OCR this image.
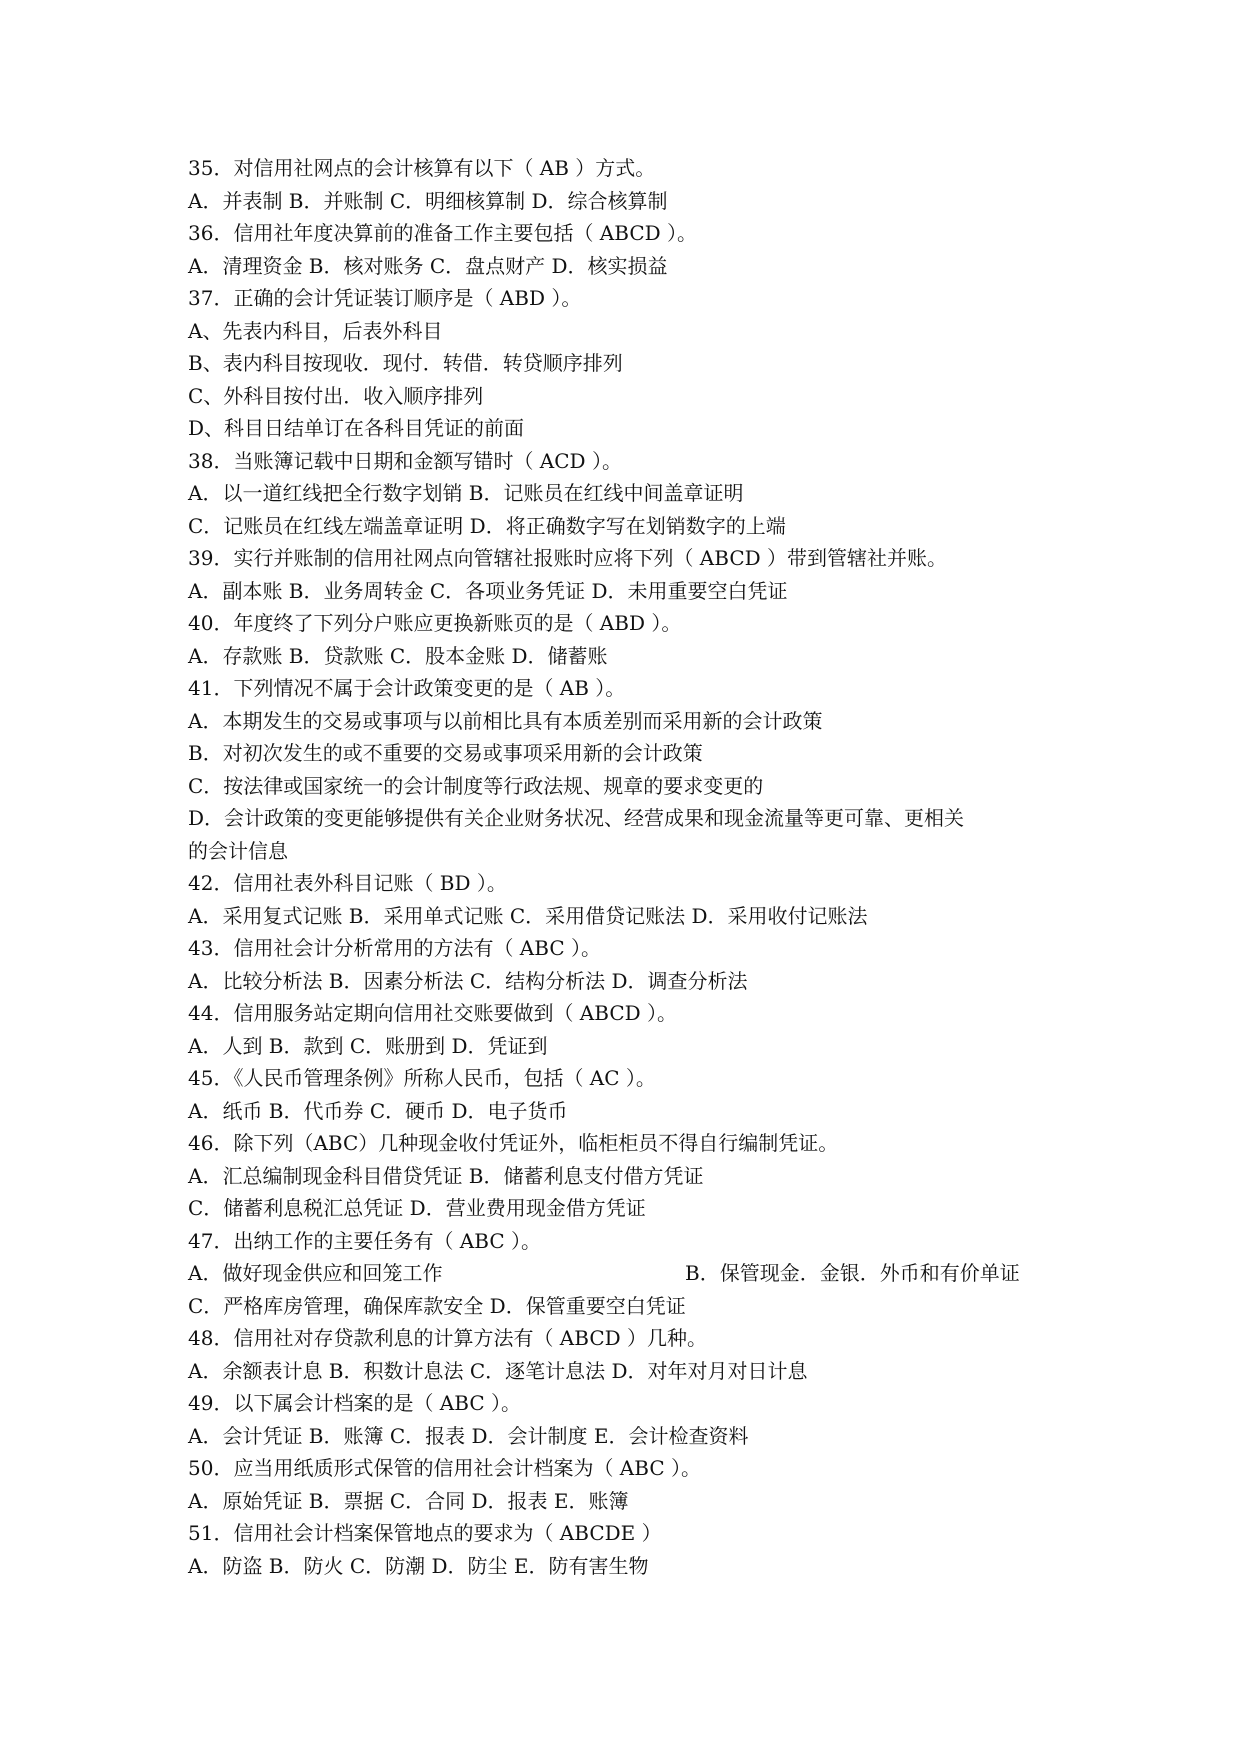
35．对信用社网点的会计核算有以下（ AB ）方式。
A．并表制 B．并账制 C．明细核算制 D．综合核算制
36．信用社年度决算前的准备工作主要包括（ ABCD ）。
A．清理资金 B．核对账务 C．盘点财产 D．核实损益
37．正确的会计凭证装订顺序是（ ABD ）。
A、先表内科目，后表外科目
B、表内科目按现收．现付．转借．转贷顺序排列
C、外科目按付出．收入顺序排列
D、科目日结单订在各科目凭证的前面
38．当账簿记载中日期和金额写错时（ ACD ）。
A．以一道红线把全行数字划销 B．记账员在红线中间盖章证明
C．记账员在红线左端盖章证明 D．将正确数字写在划销数字的上端
39．实行并账制的信用社网点向管辖社报账时应将下列（ ABCD ）带到管辖社并账。
A．副本账 B．业务周转金 C．各项业务凭证 D．未用重要空白凭证
40．年度终了下列分户账应更换新账页的是（ ABD ）。
A．存款账 B．贷款账 C．股本金账 D．储蓄账
41．下列情况不属于会计政策变更的是（ AB ）。
A．本期发生的交易或事项与以前相比具有本质差别而采用新的会计政策
B．对初次发生的或不重要的交易或事项采用新的会计政策
C．按法律或国家统一的会计制度等行政法规、规章的要求变更的
D．会计政策的变更能够提供有关企业财务状况、经营成果和现金流量等更可靠、更相关
的会计信息
42．信用社表外科目记账（ BD ）。
A．采用复式记账 B．采用单式记账 C．采用借贷记账法 D．采用收付记账法
43．信用社会计分析常用的方法有（ ABC ）。
A．比较分析法 B．因素分析法 C．结构分析法 D．调查分析法
44．信用服务站定期向信用社交账要做到（ ABCD ）。
A．人到 B．款到 C．账册到 D．凭证到
45．《人民币管理条例》所称人民币，包括（ AC ）。
A．纸币 B．代币券 C．硬币 D．电子货币
46．除下列（ABC）几种现金收付凭证外，临柜柜员不得自行编制凭证。
A．汇总编制现金科目借贷凭证 B．储蓄利息支付借方凭证
C．储蓄利息税汇总凭证 D．营业费用现金借方凭证
47．出纳工作的主要任务有（ ABC ）。
A．做好现金供应和回笼工作	B．保管现金．金银．外币和有价单证
C．严格库房管理，确保库款安全 D．保管重要空白凭证
48．信用社对存贷款利息的计算方法有（ ABCD ）几种。
A．余额表计息 B．积数计息法 C．逐笔计息法 D．对年对月对日计息
49．以下属会计档案的是（ ABC ）。
A．会计凭证 B．账簿 C．报表 D．会计制度 E．会计检查资料
50．应当用纸质形式保管的信用社会计档案为（ ABC ）。
A．原始凭证 B．票据 C．合同 D．报表 E．账簿
51．信用社会计档案保管地点的要求为（ ABCDE ）
A．防盗 B．防火 C．防潮 D．防尘 E．防有害生物
